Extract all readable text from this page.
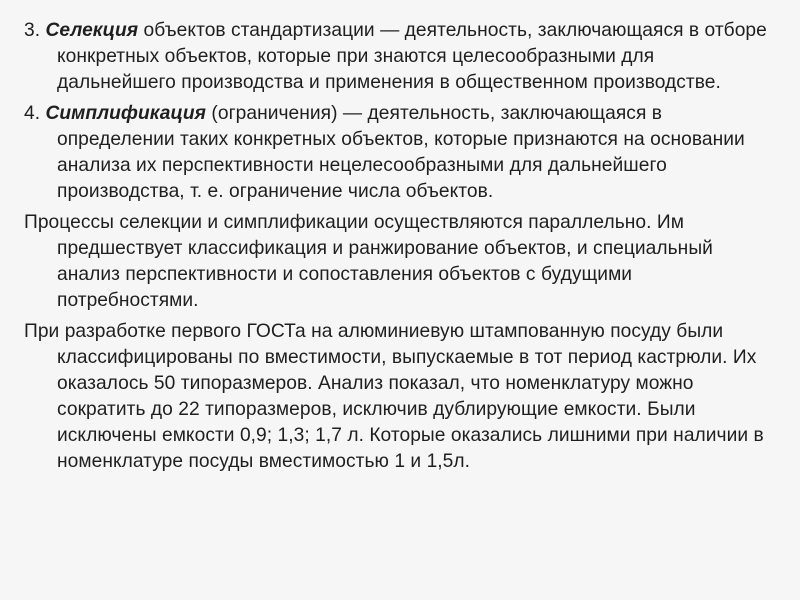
3. Селекция объектов стандартизации — деятельность, заключающаяся в отборе конкретных объектов, которые при знаются целесообразными для дальнейшего производства и применения в общественном производстве.

4. Симплификация (ограничения) — деятельность, заключающаяся в определении таких конкретных объектов, которые признаются на основании анализа их перспективности нецелесообразными для дальнейшего производства, т. е. ограничение числа объектов.

Процессы селекции и симплификации осуществляются параллельно. Им предшествует классификация и ранжирование объектов, и специальный анализ перспективности и сопоставления объектов с будущими потребностями.

При разработке первого ГОСТа на алюминиевую штампованную посуду были классифицированы по вместимости, выпускаемые в тот период кастрюли. Их оказалось 50 типоразмеров. Анализ показал, что номенклатуру можно сократить до 22 типоразмеров, исключив дублирующие емкости. Были исключены емкости 0,9; 1,3; 1,7 л. Которые оказались лишними при наличии в номенклатуре посуды вместимостью 1 и 1,5л.
